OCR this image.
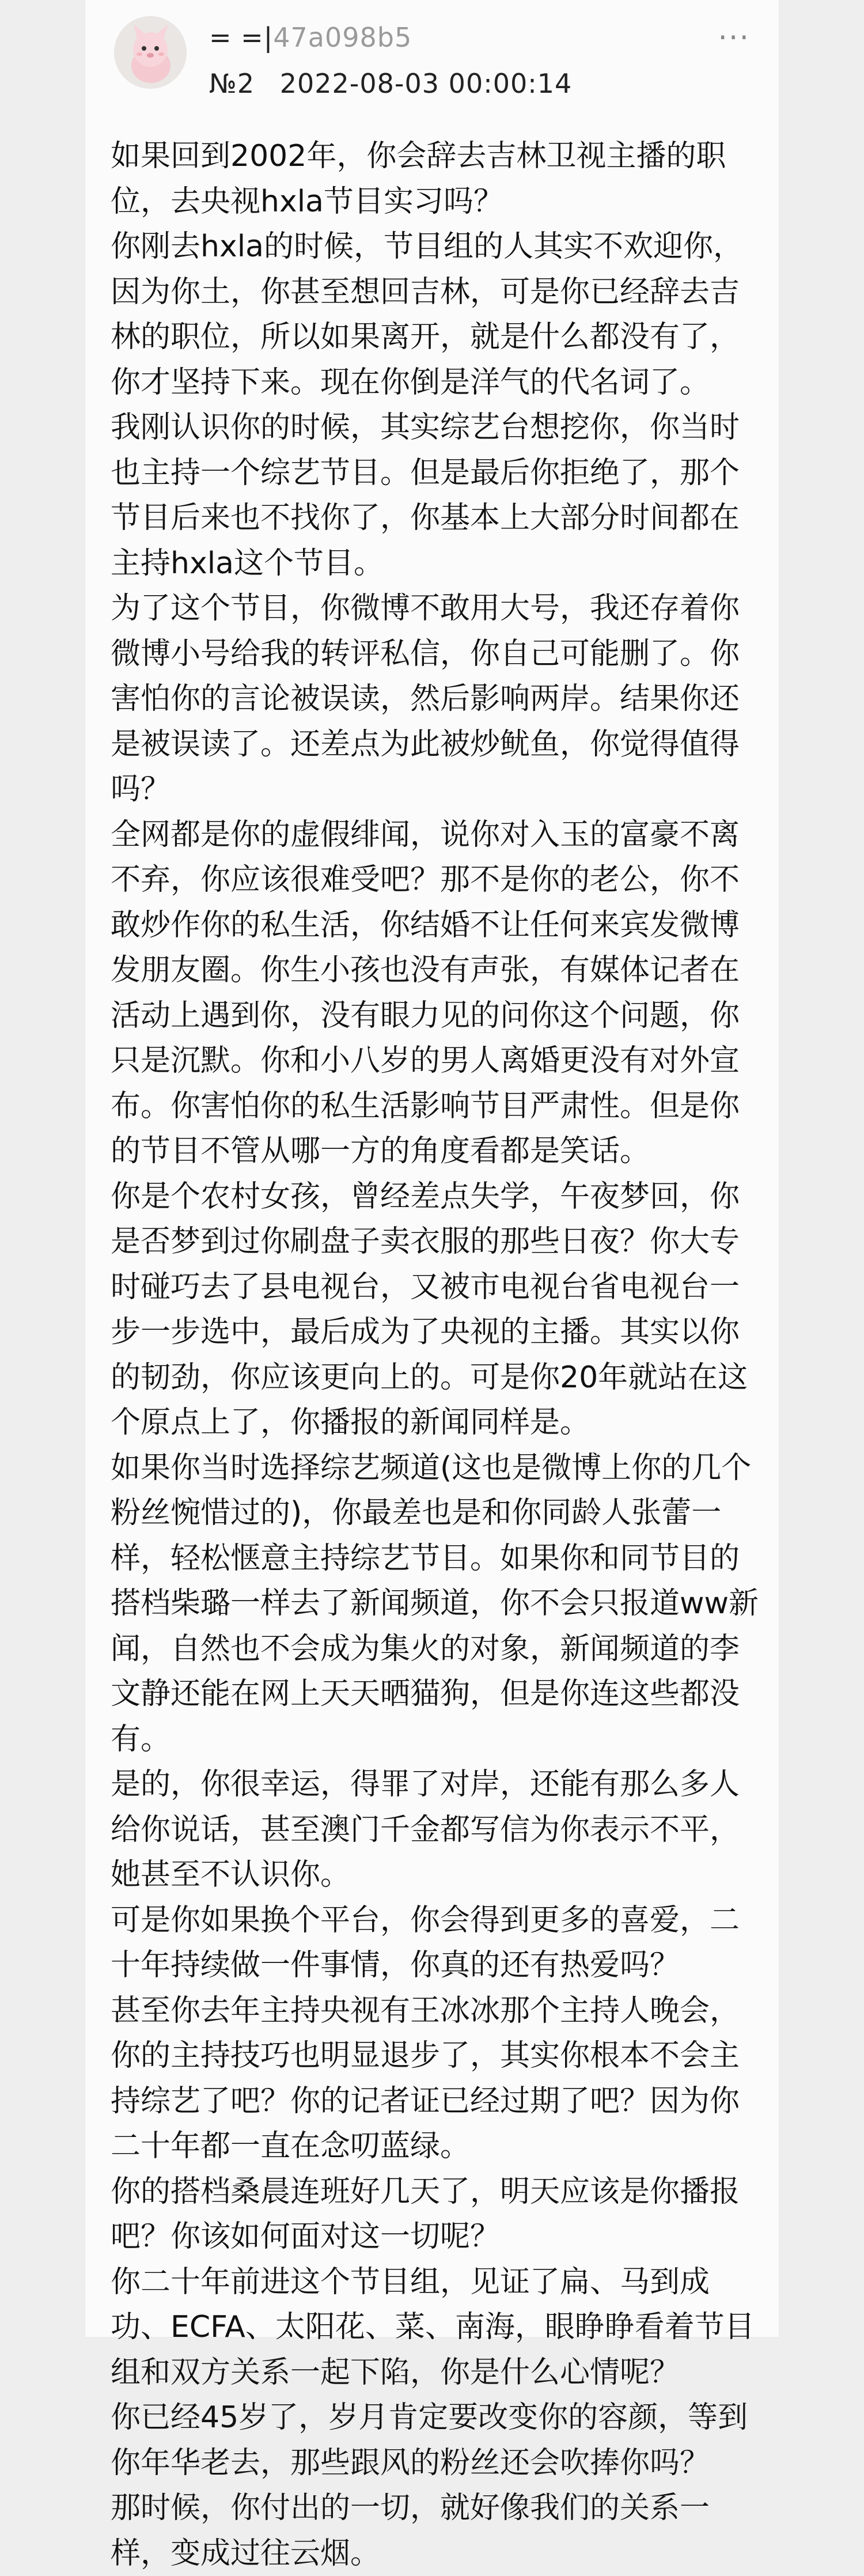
= =|47a098b5	···
№2 2022-08-03 00:00:14

如果回到2002年，你会辞去吉林卫视主播的职位，去央视hxla节目实习吗？

你刚去hxla的时候，节目组的人其实不欢迎你，因为你土，你甚至想回吉林，可是你已经辞去吉林的职位，所以如果离开，就是什么都没有了，你才坚持下来。现在你倒是洋气的代名词了。

我刚认识你的时候，其实综艺台想挖你，你当时也主持一个综艺节目。但是最后你拒绝了，那个节目后来也不找你了，你基本上大部分时间都在主持hxla这个节目。

为了这个节目，你微博不敢用大号，我还存着你微博小号给我的转评私信，你自己可能删了。你害怕你的言论被误读，然后影响两岸。结果你还是被误读了。还差点为此被炒鱿鱼，你觉得值得吗？

全网都是你的虚假绯闻，说你对入玉的富豪不离不弃，你应该很难受吧？那不是你的老公，你不敢炒作你的私生活，你结婚不让任何来宾发微博发朋友圈。你生小孩也没有声张，有媒体记者在活动上遇到你，没有眼力见的问你这个问题，你只是沉默。你和小八岁的男人离婚更没有对外宣布。你害怕你的私生活影响节目严肃性。但是你的节目不管从哪一方的角度看都是笑话。

你是个农村女孩，曾经差点失学，午夜梦回，你是否梦到过你刷盘子卖衣服的那些日夜？你大专时碰巧去了县电视台，又被市电视台省电视台一步一步选中，最后成为了央视的主播。其实以你的韧劲，你应该更向上的。可是你20年就站在这个原点上了，你播报的新闻同样是。

如果你当时选择综艺频道(这也是微博上你的几个粉丝惋惜过的)，你最差也是和你同龄人张蕾一样，轻松惬意主持综艺节目。如果你和同节目的搭档柴璐一样去了新闻频道，你不会只报道ww新闻，自然也不会成为集火的对象，新闻频道的李文静还能在网上天天晒猫狗，但是你连这些都没有。

是的，你很幸运，得罪了对岸，还能有那么多人给你说话，甚至澳门千金都写信为你表示不平，她甚至不认识你。

可是你如果换个平台，你会得到更多的喜爱，二十年持续做一件事情，你真的还有热爱吗？

甚至你去年主持央视有王冰冰那个主持人晚会，你的主持技巧也明显退步了，其实你根本不会主持综艺了吧？你的记者证已经过期了吧？因为你二十年都一直在念叨蓝绿。

你的搭档桑晨连班好几天了，明天应该是你播报吧？你该如何面对这一切呢？

你二十年前进这个节目组，见证了扁、马到成功、ECFA、太阳花、菜、南海，眼睁睁看着节目组和双方关系一起下陷，你是什么心情呢？

你已经45岁了，岁月肯定要改变你的容颜，等到你年华老去，那些跟风的粉丝还会吹捧你吗？

那时候，你付出的一切，就好像我们的关系一样，变成过往云烟。
